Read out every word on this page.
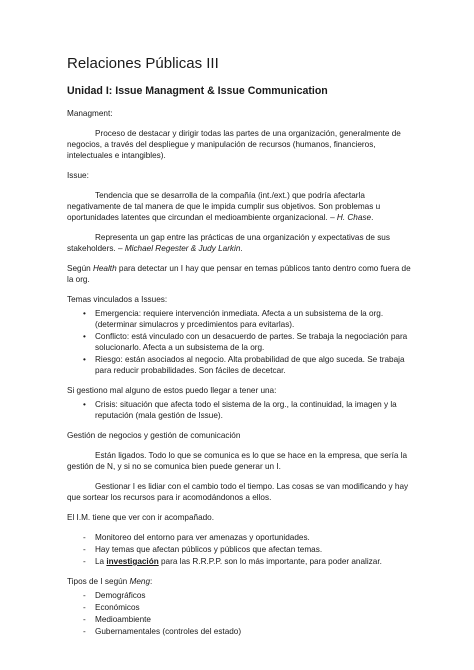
Relaciones Públicas III
Unidad I: Issue Managment & Issue Communication

Managment:

Proceso de destacar y dirigir todas las partes de una organización, generalmente de negocios, a través del despliegue y manipulación de recursos (humanos, financieros, intelectuales e intangibles).

Issue:

Tendencia que se desarrolla de la compañía (int./ext.) que podría afectarla negativamente de tal manera de que le impida cumplir sus objetivos. Son problemas u oportunidades latentes que circundan el medioambiente organizacional. – H. Chase.

Representa un gap entre las prácticas de una organización y expectativas de sus stakeholders. – Michael Regester & Judy Larkin.

Según Health para detectar un I hay que pensar en temas públicos tanto dentro como fuera de la org.

Temas vinculados a Issues:

• Emergencia: requiere intervención inmediata. Afecta a un subsistema de la org. (determinar simulacros y prcedimientos para evitarlas).
• Conflicto: está vinculado con un desacuerdo de partes. Se trabaja la negociación para solucionarlo. Afecta a un subsistema de la org.
• Riesgo: están asociados al negocio. Alta probabilidad de que algo suceda. Se trabaja para reducir probabilidades. Son fáciles de decetcar.

Si gestiono mal alguno de estos puedo llegar a tener una:

• Crisis: situación que afecta todo el sistema de la org., la continuidad, la imagen y la reputación (mala gestión de Issue).

Gestión de negocios y gestión de comunicación

Están ligados. Todo lo que se comunica es lo que se hace en la empresa, que sería la gestión de N, y si no se comunica bien puede generar un I.

Gestionar I es lidiar con el cambio todo el tiempo. Las cosas se van modificando y hay que sortear los recursos para ir acomodándonos a ellos.

El I.M. tiene que ver con ir acompañado.

- Monitoreo del entorno para ver amenazas y oportunidades.
- Hay temas que afectan públicos y públicos que afectan temas.
- La investigación para las R.R.P.P. son lo más importante, para poder analizar.

Tipos de I según Meng:

- Demográficos
- Económicos
- Medioambiente
- Gubernamentales (controles del estado)
